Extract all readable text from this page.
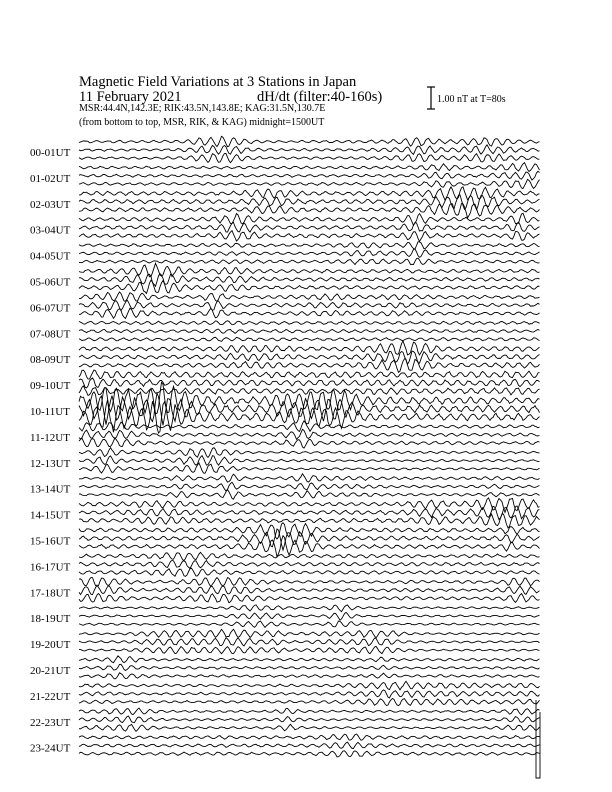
Magnetic Field Variations at 3 Stations in Japan
11 February 2021	dH/dt (filter:40-160s)
MSR:44.4N,142.3E; RIK:43.5N,143.8E; KAG:31.5N,130.7E
(from bottom to top, MSR, RIK, & KAG) midnight=1500UT
1.00 nT at T=80s
00-01UT
01-02UT
02-03UT
03-04UT
04-05UT
05-06UT
06-07UT
07-08UT
08-09UT
09-10UT
10-11UT
11-12UT
12-13UT
13-14UT
14-15UT
15-16UT
16-17UT
17-18UT
18-19UT
19-20UT
20-21UT
21-22UT
22-23UT
23-24UT
